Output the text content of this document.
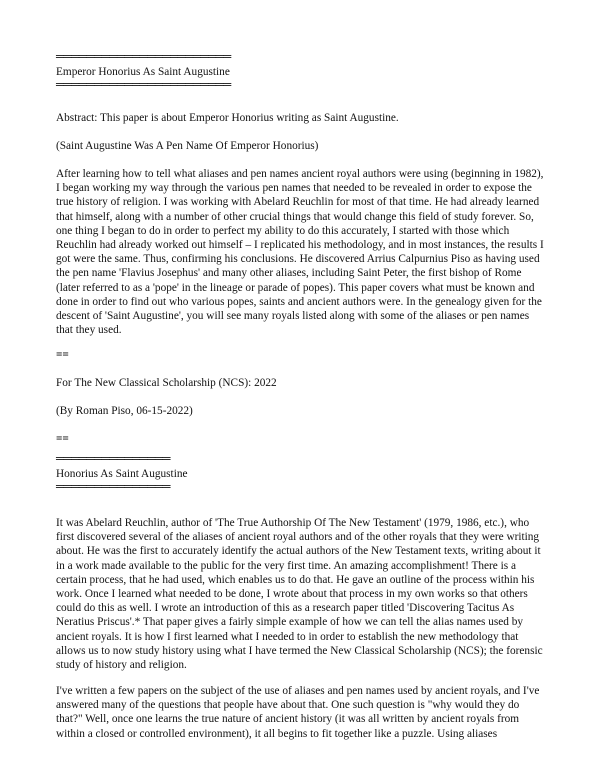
═══════════════════════
Emperor Honorius As Saint Augustine
═══════════════════════

Abstract: This paper is about Emperor Honorius writing as Saint Augustine.

(Saint Augustine Was A Pen Name Of Emperor Honorius)

After learning how to tell what aliases and pen names ancient royal authors were using (beginning in 1982), I began working my way through the various pen names that needed to be revealed in order to expose the true history of religion. I was working with Abelard Reuchlin for most of that time. He had already learned that himself, along with a number of other crucial things that would change this field of study forever. So, one thing I began to do in order to perfect my ability to do this accurately, I started with those which Reuchlin had already worked out himself – I replicated his methodology, and in most instances, the results I got were the same. Thus, confirming his conclusions. He discovered Arrius Calpurnius Piso as having used the pen name 'Flavius Josephus' and many other aliases, including Saint Peter, the first bishop of Rome (later referred to as a 'pope' in the lineage or parade of popes). This paper covers what must be known and done in order to find out who various popes, saints and ancient authors were. In the genealogy given for the descent of 'Saint Augustine', you will see many royals listed along with some of the aliases or pen names that they used.

==

For The New Classical Scholarship (NCS): 2022

(By Roman Piso, 06-15-2022)

==

═══════════════
Honorius As Saint Augustine
═══════════════

It was Abelard Reuchlin, author of 'The True Authorship Of The New Testament' (1979, 1986, etc.), who first discovered several of the aliases of ancient royal authors and of the other royals that they were writing about. He was the first to accurately identify the actual authors of the New Testament texts, writing about it in a work made available to the public for the very first time. An amazing accomplishment! There is a certain process, that he had used, which enables us to do that. He gave an outline of the process within his work. Once I learned what needed to be done, I wrote about that process in my own works so that others could do this as well. I wrote an introduction of this as a research paper titled 'Discovering Tacitus As Neratius Priscus'.* That paper gives a fairly simple example of how we can tell the alias names used by ancient royals. It is how I first learned what I needed to in order to establish the new methodology that allows us to now study history using what I have termed the New Classical Scholarship (NCS); the forensic study of history and religion.

I've written a few papers on the subject of the use of aliases and pen names used by ancient royals, and I've answered many of the questions that people have about that. One such question is "why would they do that?" Well, once one learns the true nature of ancient history (it was all written by ancient royals from within a closed or controlled environment), it all begins to fit together like a puzzle. Using aliases
